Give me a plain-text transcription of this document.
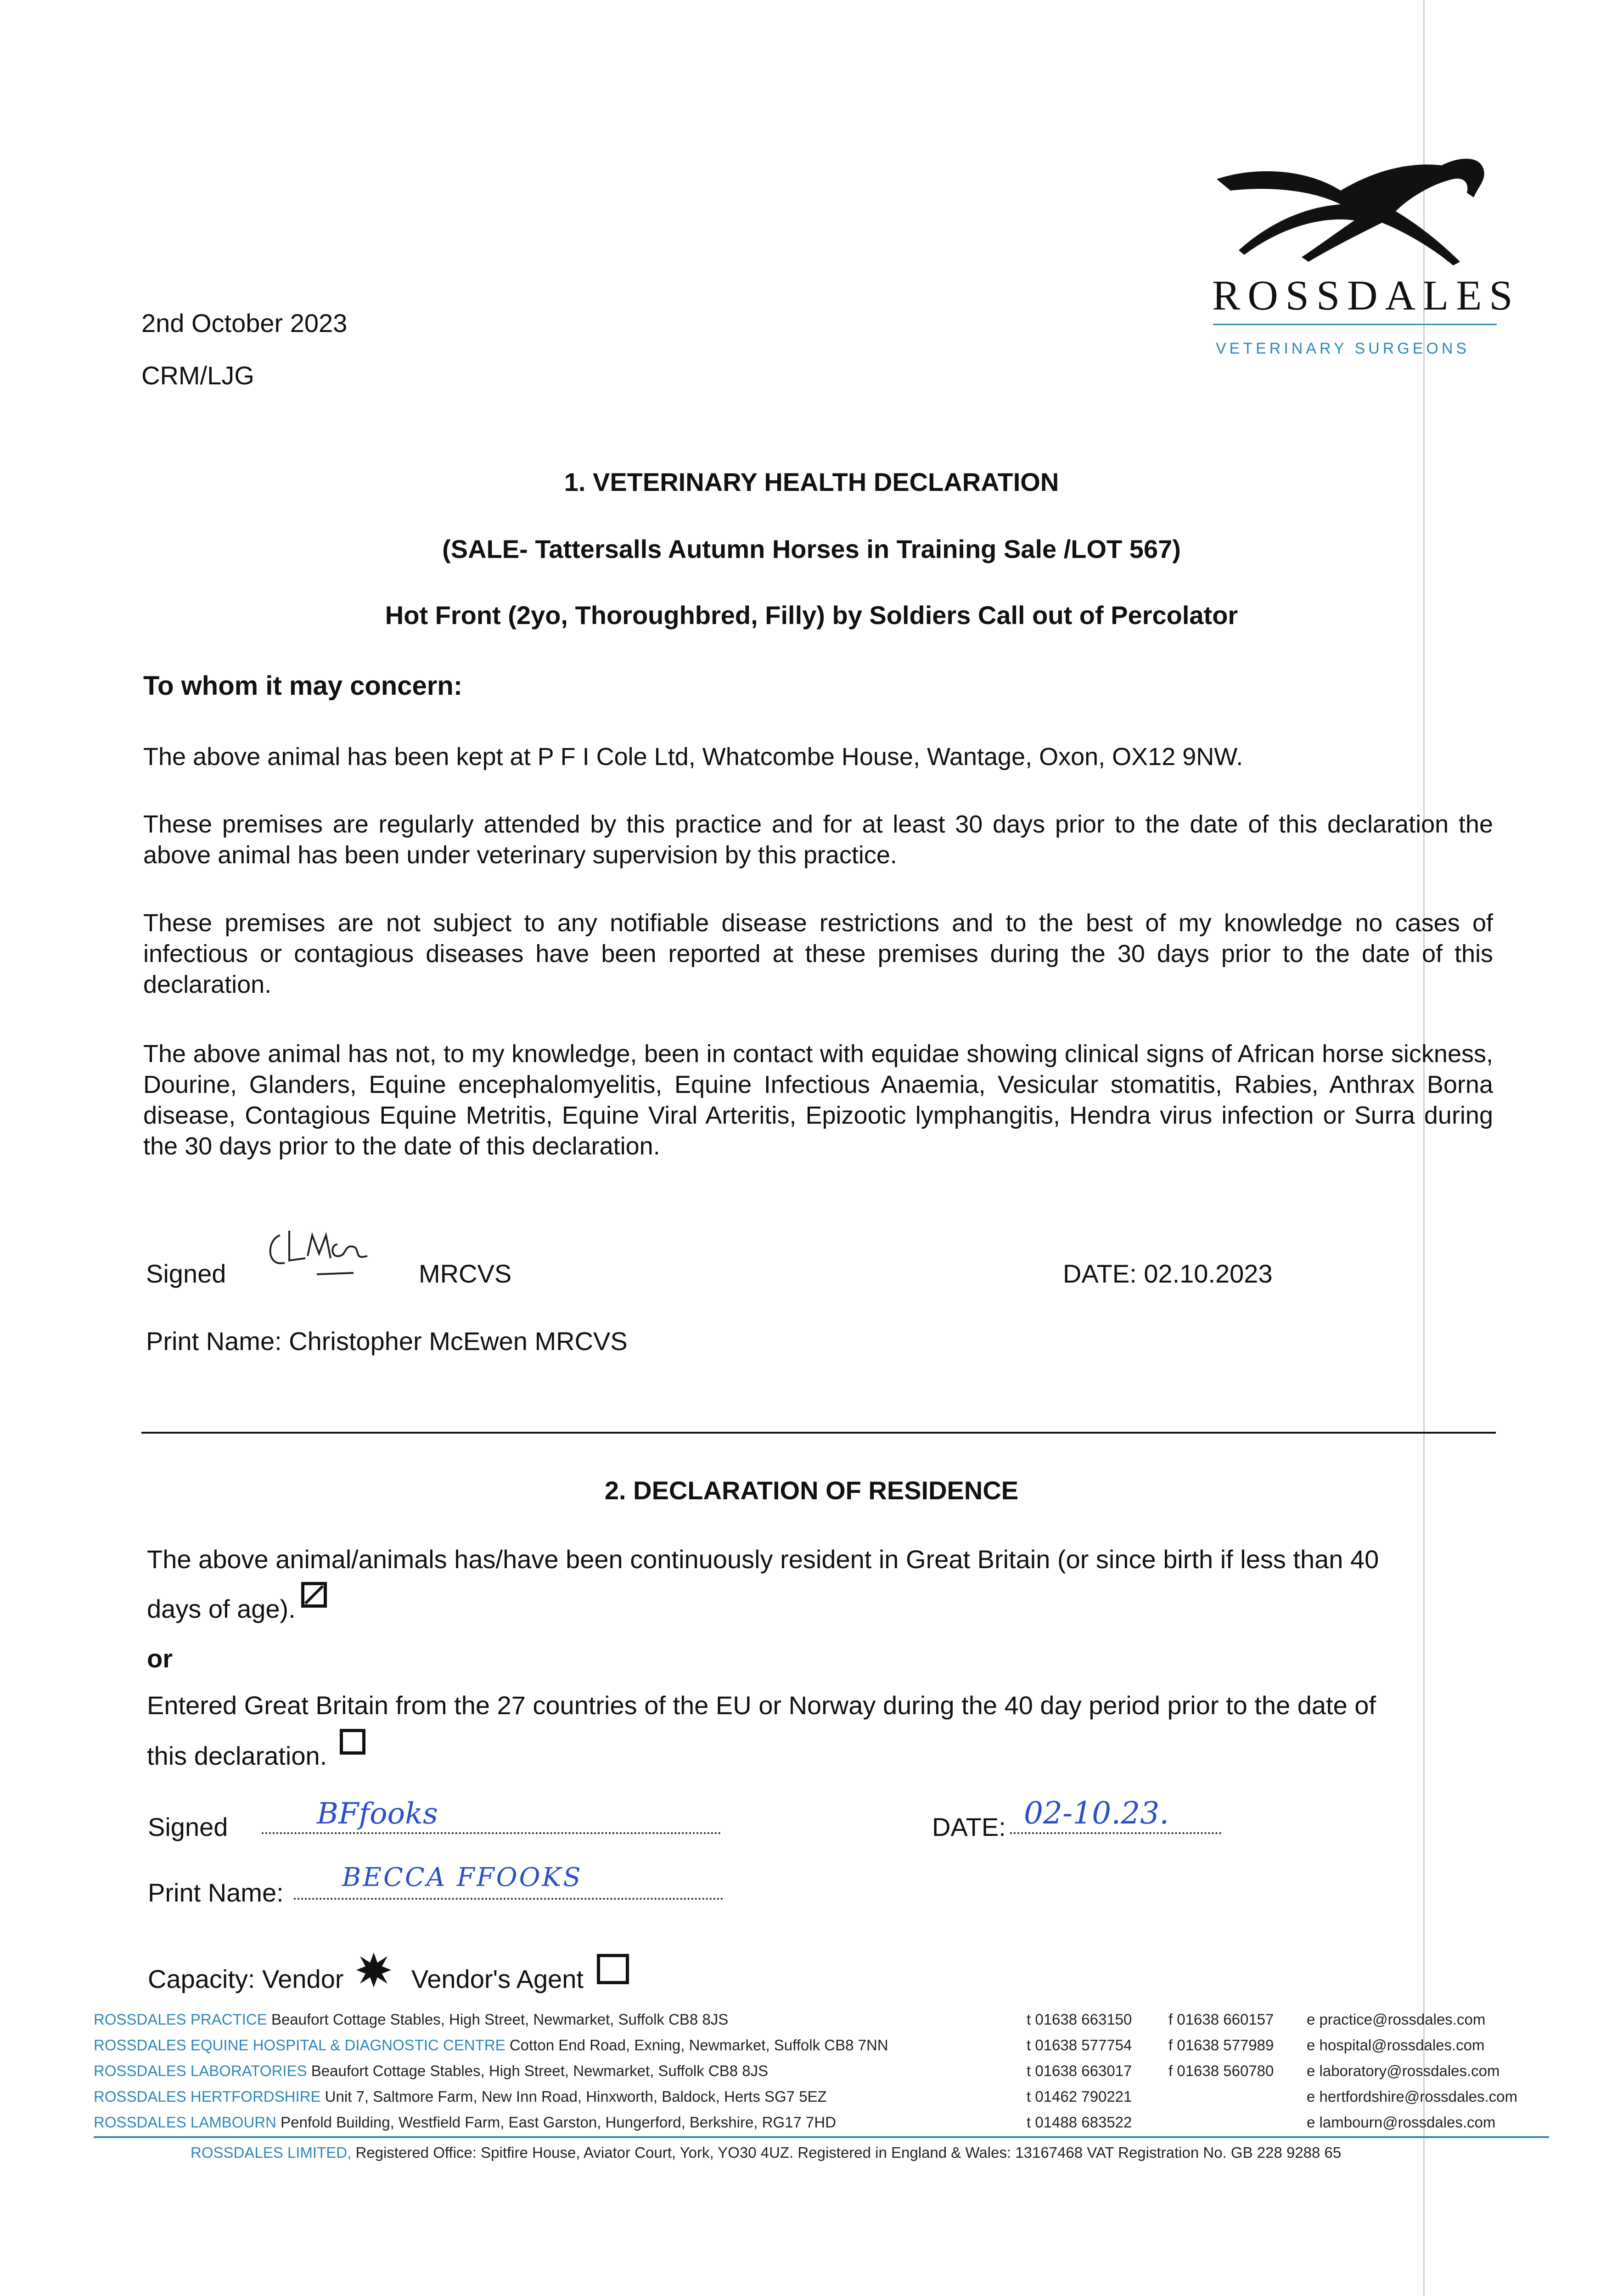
2nd October 2023
CRM/LJG
ROSSDALES
VETERINARY SURGEONS
1. VETERINARY HEALTH DECLARATION
(SALE- Tattersalls Autumn Horses in Training Sale /LOT 567)
Hot Front (2yo, Thoroughbred, Filly) by Soldiers Call out of Percolator
To whom it may concern:
The above animal has been kept at P F I Cole Ltd, Whatcombe House, Wantage, Oxon, OX12 9NW.
These premises are regularly attended by this practice and for at least 30 days prior to the date of this declaration the above animal has been under veterinary supervision by this practice.
These premises are not subject to any notifiable disease restrictions and to the best of my knowledge no cases of infectious or contagious diseases have been reported at these premises during the 30 days prior to the date of this declaration.
The above animal has not, to my knowledge, been in contact with equidae showing clinical signs of African horse sickness, Dourine, Glanders, Equine encephalomyelitis, Equine Infectious Anaemia, Vesicular stomatitis, Rabies, Anthrax Borna disease, Contagious Equine Metritis, Equine Viral Arteritis, Epizootic lymphangitis, Hendra virus infection or Surra during the 30 days prior to the date of this declaration.
Signed	MRCVS	DATE: 02.10.2023
Print Name: Christopher McEwen MRCVS
2. DECLARATION OF RESIDENCE
The above animal/animals has/have been continuously resident in Great Britain (or since birth if less than 40
days of age).
or
Entered Great Britain from the 27 countries of the EU or Norway during the 40 day period prior to the date of
this declaration.
Signed	BFfooks	DATE: 02-10.23.
Print Name:
BECCA FFOOKS
Capacity: Vendor	Vendor's Agent
ROSSDALES PRACTICE Beaufort Cottage Stables, High Street, Newmarket, Suffolk CB8 8JS	t 01638 663150 f 01638 660157 e practice@rossdales.com
ROSSDALES EQUINE HOSPITAL & DIAGNOSTIC CENTRE Cotton End Road, Exning, Newmarket, Suffolk CB8 7NN	t 01638 577754 f 01638 577989 e hospital@rossdales.com
ROSSDALES LABORATORIES Beaufort Cottage Stables, High Street, Newmarket, Suffolk CB8 8JS	t 01638 663017 f 01638 560780 e laboratory@rossdales.com
ROSSDALES HERTFORDSHIRE Unit 7, Saltmore Farm, New Inn Road, Hinxworth, Baldock, Herts SG7 5EZ	t 01462 790221	e hertfordshire@rossdales.com
ROSSDALES LAMBOURN Penfold Building, Westfield Farm, East Garston, Hungerford, Berkshire, RG17 7HD	t 01488 683522	e lambourn@rossdales.com
ROSSDALES LIMITED, Registered Office: Spitfire House, Aviator Court, York, YO30 4UZ. Registered in England & Wales: 13167468 VAT Registration No. GB 228 9288 65
